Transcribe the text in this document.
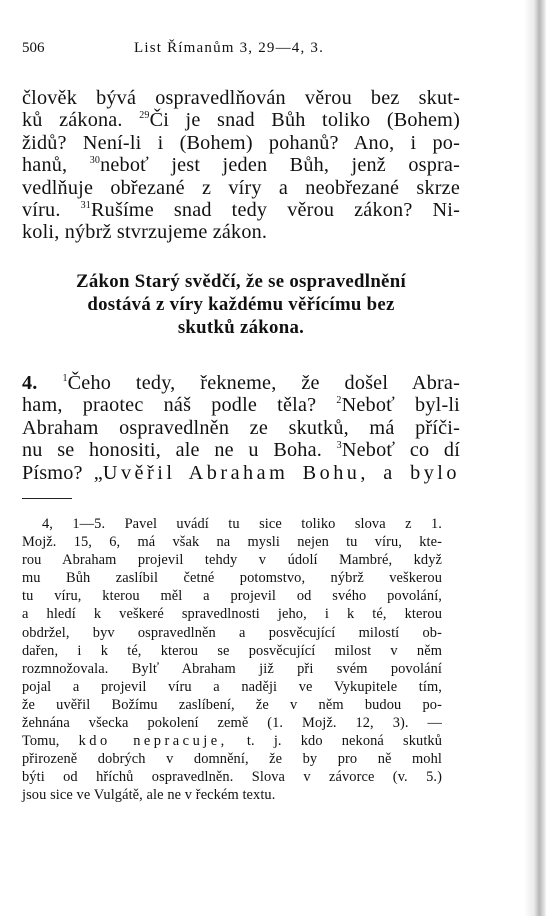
506	List Římanům 3, 29—4, 3.
člověk bývá ospravedlňován věrou bez skut-
ků zákona. $^{29}$Či je snad Bůh toliko (Bohem)
židů? Není-li i (Bohem) pohanů? Ano, i po-
hanů, $^{30}$neboť jest jeden Bůh, jenž ospra-
vedlňuje obřezané z víry a neobřezané skrze
víru. $^{31}$Rušíme snad tedy věrou zákon? Ni-
koli, nýbrž stvrzujeme zákon.
Zákon Starý svědčí, že se ospravedlnění
dostává z víry každému věřícímu bez
skutků zákona.
4. $^1$Čeho tedy, řekneme, že došel Abra-
ham, praotec náš podle těla? $^2$Neboť byl-li
Abraham ospravedlněn ze skutků, má příči-
nu se honositi, ale ne u Boha. $^3$Neboť co dí
Písmo? „Uvěřil Abraham Bohu, a bylo
4, 1—5. Pavel uvádí tu sice toliko slova z 1.
Mojž. 15, 6, má však na mysli nejen tu víru, kte-
rou Abraham projevil tehdy v údolí Mambré, když
mu Bůh zaslíbil četné potomstvo, nýbrž veškerou
tu víru, kterou měl a projevil od svého povolání,
a hledí k veškeré spravedlnosti jeho, i k té, kterou
obdržel, byv ospravedlněn a posvěcující milostí ob-
dařen, i k té, kterou se posvěcující milost v něm
rozmnožovala. Bylť Abraham již při svém povolání
pojal a projevil víru a naději ve Vykupitele tím,
že uvěřil Božímu zaslíbení, že v něm budou po-
žehnána všecka pokolení země (1. Mojž. 12, 3). —
Tomu, kdo nepracuje, t. j. kdo nekoná skutků
přirozeně dobrých v domnění, že by pro ně mohl
býti od hříchů ospravedlněn. Slova v závorce (v. 5.)
jsou sice ve Vulgátě, ale ne v řeckém textu.
